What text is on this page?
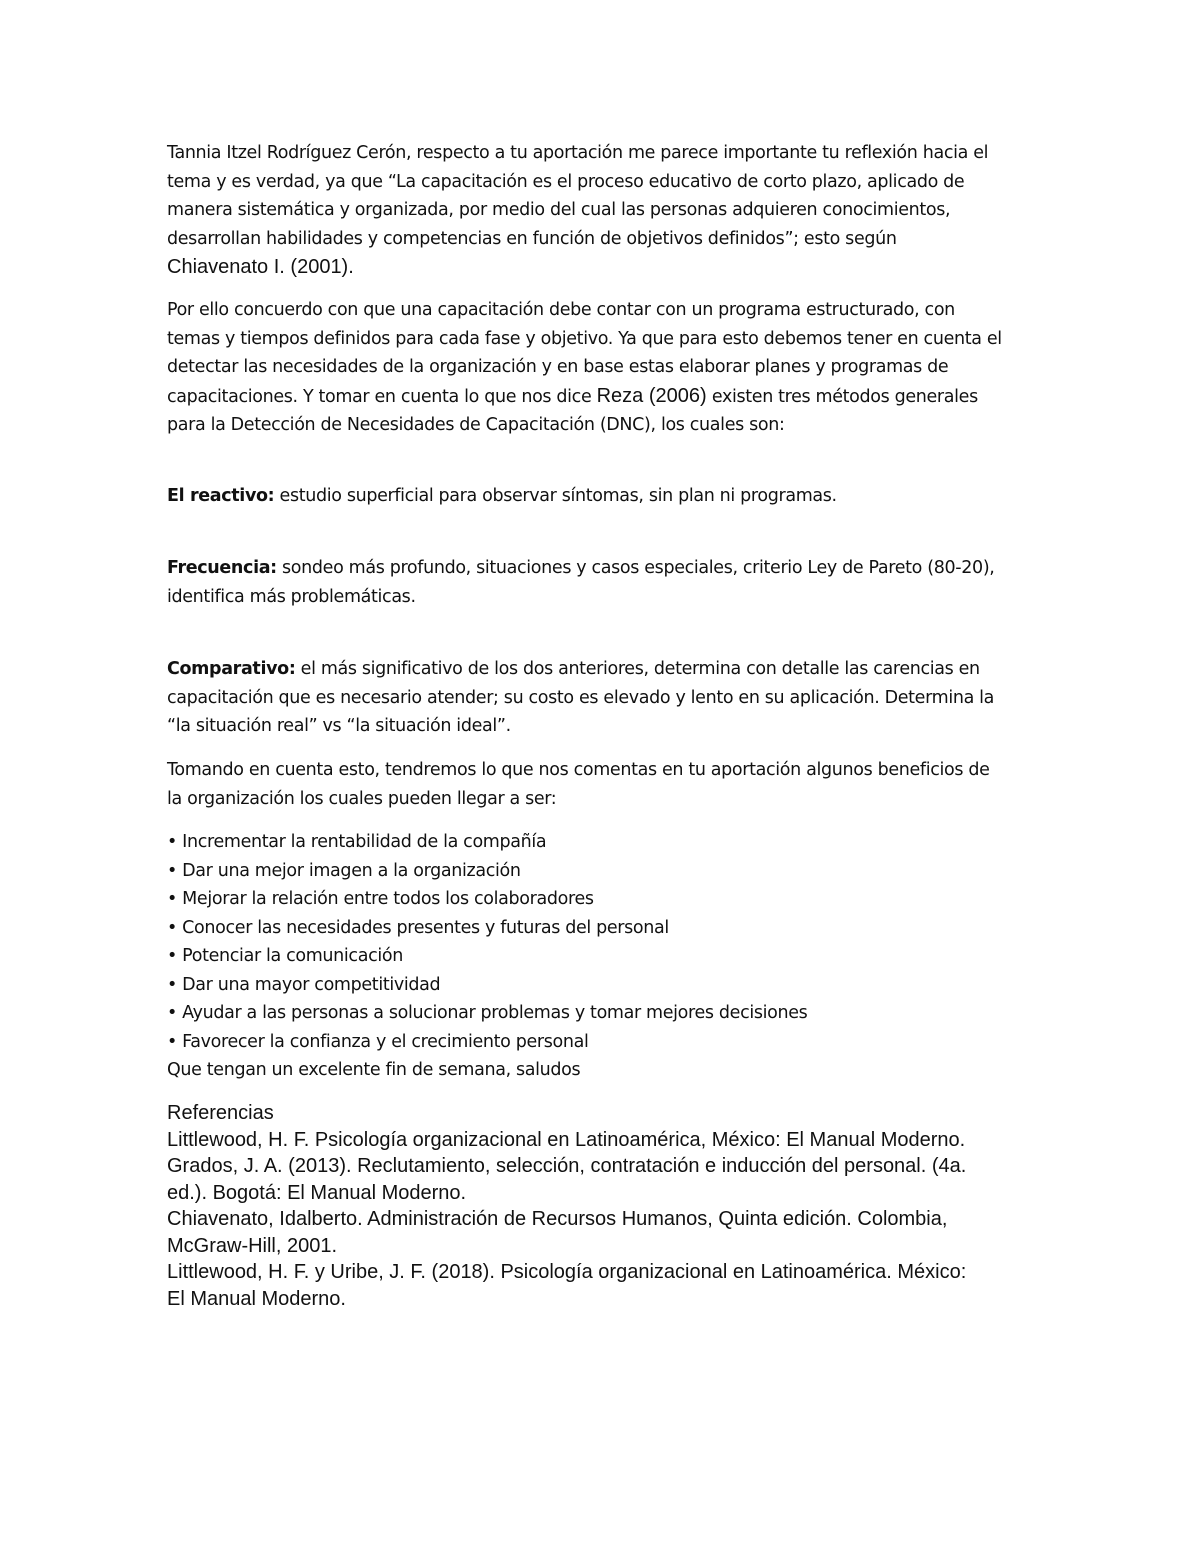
Tannia Itzel Rodríguez Cerón, respecto a tu aportación me parece importante tu reflexión hacia el
tema y es verdad, ya que “La capacitación es el proceso educativo de corto plazo, aplicado de
manera sistemática y organizada, por medio del cual las personas adquieren conocimientos,
desarrollan habilidades y competencias en función de objetivos definidos”; esto según
Chiavenato I. (2001).
Por ello concuerdo con que una capacitación debe contar con un programa estructurado, con
temas y tiempos definidos para cada fase y objetivo. Ya que para esto debemos tener en cuenta el
detectar las necesidades de la organización y en base estas elaborar planes y programas de
capacitaciones. Y tomar en cuenta lo que nos dice Reza (2006) existen tres métodos generales
para la Detección de Necesidades de Capacitación (DNC), los cuales son:
El reactivo: estudio superficial para observar síntomas, sin plan ni programas.
Frecuencia: sondeo más profundo, situaciones y casos especiales, criterio Ley de Pareto (80-20),
identifica más problemáticas.
Comparativo: el más significativo de los dos anteriores, determina con detalle las carencias en
capacitación que es necesario atender; su costo es elevado y lento en su aplicación. Determina la
“la situación real” vs “la situación ideal”.
Tomando en cuenta esto, tendremos lo que nos comentas en tu aportación algunos beneficios de
la organización los cuales pueden llegar a ser:
• Incrementar la rentabilidad de la compañía
• Dar una mejor imagen a la organización
• Mejorar la relación entre todos los colaboradores
• Conocer las necesidades presentes y futuras del personal
• Potenciar la comunicación
• Dar una mayor competitividad
• Ayudar a las personas a solucionar problemas y tomar mejores decisiones
• Favorecer la confianza y el crecimiento personal
Que tengan un excelente fin de semana, saludos
Referencias
Littlewood, H. F. Psicología organizacional en Latinoamérica, México: El Manual Moderno.
Grados, J. A. (2013). Reclutamiento, selección, contratación e inducción del personal. (4a.
ed.). Bogotá: El Manual Moderno.
Chiavenato, Idalberto. Administración de Recursos Humanos, Quinta edición. Colombia,
McGraw-Hill, 2001.
Littlewood, H. F. y Uribe, J. F. (2018). Psicología organizacional en Latinoamérica. México:
El Manual Moderno.
